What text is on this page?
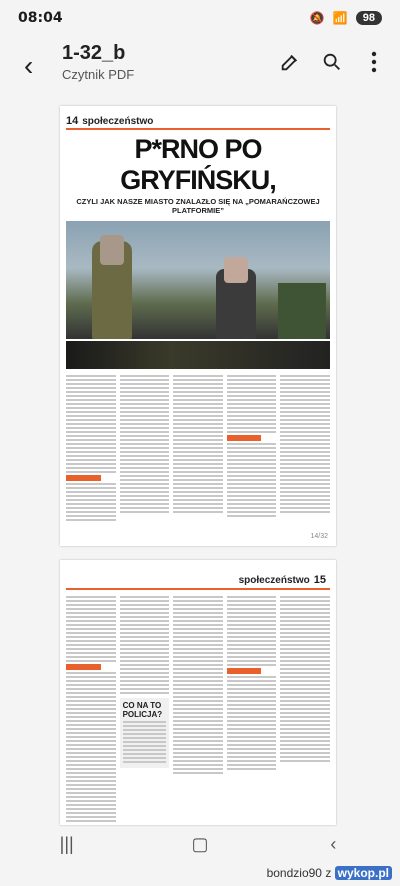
08:04	🔕 📶	98
‹ 1-32_b
Czytnik PDF
14 społeczeństwo
P*RNO PO GRYFIŃSKU,
CZYLI JAK NASZE MIASTO ZNALAZŁO SIĘ NA „POMARAŃCZOWEJ PLATFORMIE”
14/32
społeczeństwo 15
CO NA TO POLICJA?
|||	▢	‹
bondzio90 z wykop.pl
